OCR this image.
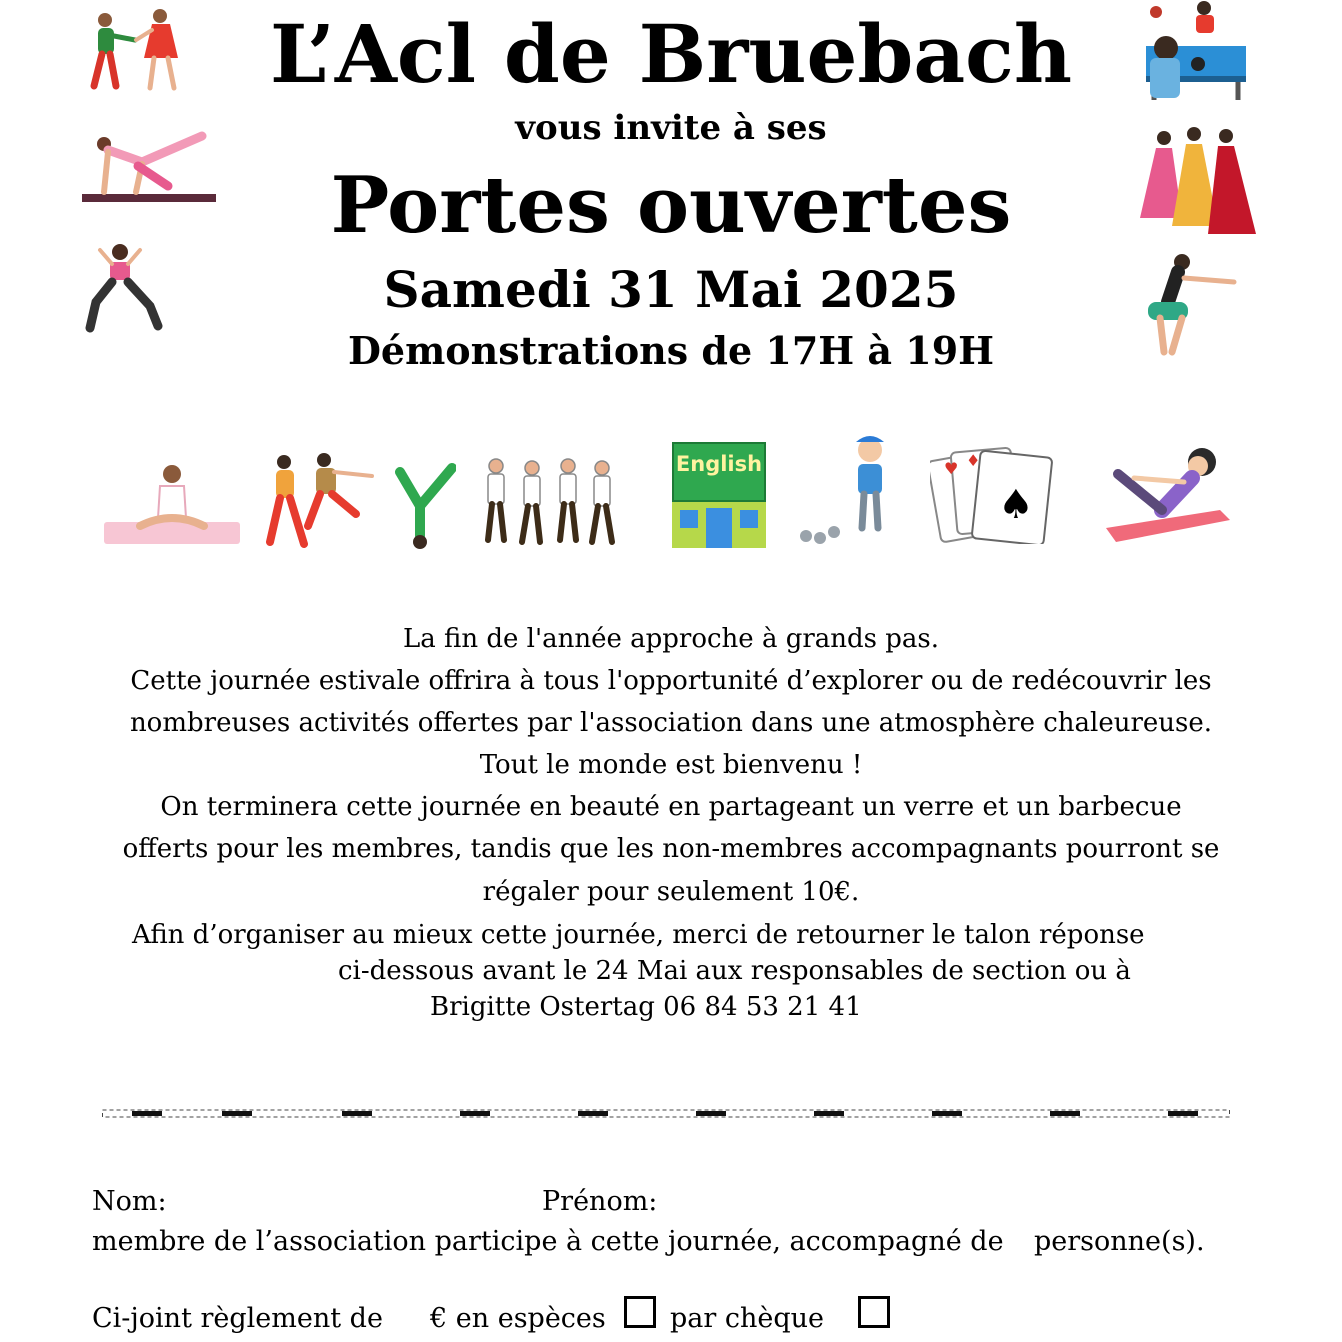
L’Acl de Bruebach
vous invite à ses
Portes ouvertes
Samedi 31 Mai 2025
Démonstrations de 17H à 19H
English	♥ ♦
♠
La fin de l'année approche à grands pas.
Cette journée estivale offrira à tous l'opportunité d’explorer ou de redécouvrir les
nombreuses activités offertes par l'association dans une atmosphère chaleureuse.
Tout le monde est bienvenu !
On terminera cette journée en beauté en partageant un verre et un barbecue
offerts pour les membres, tandis que les non-membres accompagnants pourront se
régaler pour seulement 10€.
Afin d’organiser au mieux cette journée, merci de retourner le talon réponse
ci-dessous avant le 24 Mai aux responsables de section ou à
Brigitte Ostertag 06 84 53 21 41
Nom:	Prénom:
membre de l’association participe à cette journée, accompagné de personne(s).
Ci-joint règlement de € en espèces par chèque
